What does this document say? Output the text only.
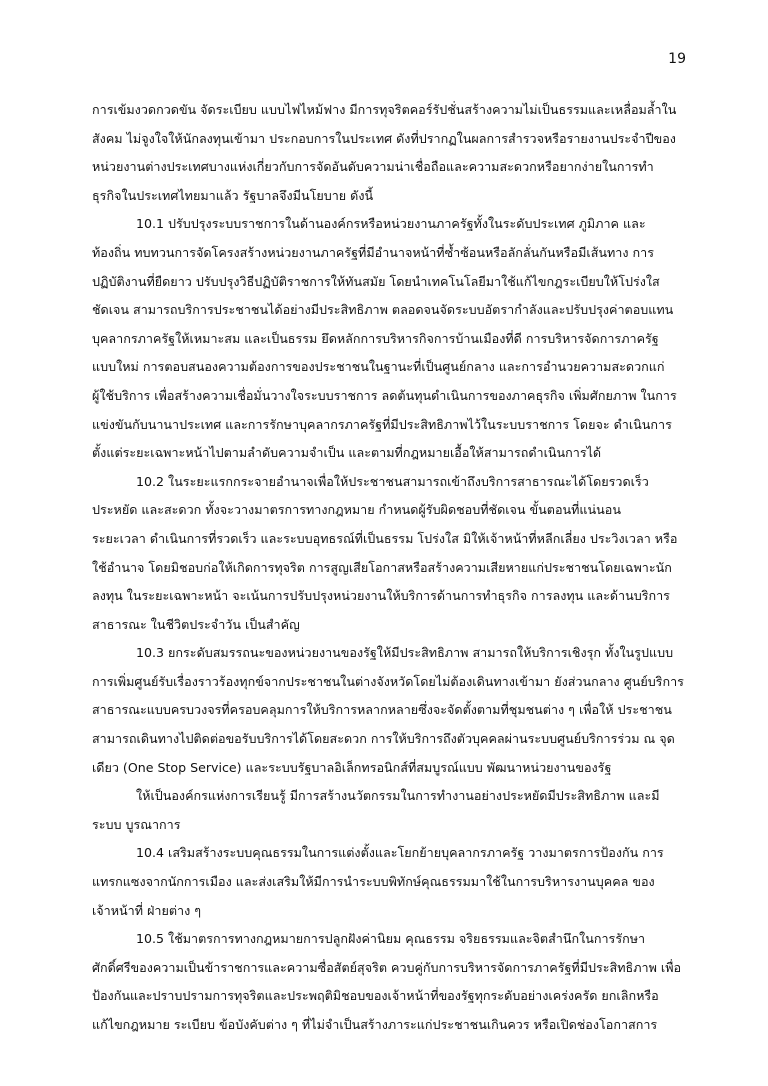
19
การเข้มงวดกวดขัน จัดระเบียบ แบบไฟไหม้ฟาง มีการทุจริตคอร์รัปชั่นสร้างความไม่เป็นธรรมและเหลื่อมล้ำใน
สังคม ไม่จูงใจให้นักลงทุนเข้ามา ประกอบการในประเทศ ดังที่ปรากฏในผลการสำรวจหรือรายงานประจำปีของ
หน่วยงานต่างประเทศบางแห่งเกี่ยวกับการจัดอันดับความน่าเชื่อถือและความสะดวกหรือยากง่ายในการทำ
ธุรกิจในประเทศไทยมาแล้ว รัฐบาลจึงมีนโยบาย ดังนี้
10.1 ปรับปรุงระบบราชการในด้านองค์กรหรือหน่วยงานภาครัฐทั้งในระดับประเทศ ภูมิภาค และ
ท้องถิ่น ทบทวนการจัดโครงสร้างหน่วยงานภาครัฐที่มีอำนาจหน้าที่ซ้ำซ้อนหรือลักลั่นกันหรือมีเส้นทาง การ
ปฏิบัติงานที่ยืดยาว ปรับปรุงวิธีปฏิบัติราชการให้ทันสมัย โดยนำเทคโนโลยีมาใช้แก้ไขกฎระเบียบให้โปร่งใส
ชัดเจน สามารถบริการประชาชนได้อย่างมีประสิทธิภาพ ตลอดจนจัดระบบอัตรากำลังและปรับปรุงค่าตอบแทน
บุคลากรภาครัฐให้เหมาะสม และเป็นธรรม ยึดหลักการบริหารกิจการบ้านเมืองที่ดี การบริหารจัดการภาครัฐ
แบบใหม่ การตอบสนองความต้องการของประชาชนในฐานะที่เป็นศูนย์กลาง และการอำนวยความสะดวกแก่
ผู้ใช้บริการ เพื่อสร้างความเชื่อมั่นวางใจระบบราชการ ลดต้นทุนดำเนินการของภาคธุรกิจ เพิ่มศักยภาพ ในการ
แข่งขันกับนานาประเทศ และการรักษาบุคลากรภาครัฐที่มีประสิทธิภาพไว้ในระบบราชการ โดยจะ ดำเนินการ
ตั้งแต่ระยะเฉพาะหน้าไปตามลำดับความจำเป็น และตามที่กฎหมายเอื้อให้สามารถดำเนินการได้
10.2 ในระยะแรกกระจายอำนาจเพื่อให้ประชาชนสามารถเข้าถึงบริการสาธารณะได้โดยรวดเร็ว
ประหยัด และสะดวก ทั้งจะวางมาตรการทางกฎหมาย กำหนดผู้รับผิดชอบที่ชัดเจน ขั้นตอนที่แน่นอน
ระยะเวลา ดำเนินการที่รวดเร็ว และระบบอุทธรณ์ที่เป็นธรรม โปร่งใส มิให้เจ้าหน้าที่หลีกเลี่ยง ประวิงเวลา หรือ
ใช้อำนาจ โดยมิชอบก่อให้เกิดการทุจริต การสูญเสียโอกาสหรือสร้างความเสียหายแก่ประชาชนโดยเฉพาะนัก
ลงทุน ในระยะเฉพาะหน้า จะเน้นการปรับปรุงหน่วยงานให้บริการด้านการทำธุรกิจ การลงทุน และด้านบริการ
สาธารณะ ในชีวิตประจำวัน เป็นสำคัญ
10.3 ยกระดับสมรรถนะของหน่วยงานของรัฐให้มีประสิทธิภาพ สามารถให้บริการเชิงรุก ทั้งในรูปแบบ
การเพิ่มศูนย์รับเรื่องราวร้องทุกข์จากประชาชนในต่างจังหวัดโดยไม่ต้องเดินทางเข้ามา ยังส่วนกลาง ศูนย์บริการ
สาธารณะแบบครบวงจรที่ครอบคลุมการให้บริการหลากหลายซึ่งจะจัดตั้งตามที่ชุมชนต่าง ๆ เพื่อให้ ประชาชน
สามารถเดินทางไปติดต่อขอรับบริการได้โดยสะดวก การให้บริการถึงตัวบุคคลผ่านระบบศูนย์บริการร่วม ณ จุด
เดียว (One Stop Service) และระบบรัฐบาลอิเล็กทรอนิกส์ที่สมบูรณ์แบบ พัฒนาหน่วยงานของรัฐ
ให้เป็นองค์กรแห่งการเรียนรู้ มีการสร้างนวัตกรรมในการทำงานอย่างประหยัดมีประสิทธิภาพ และมี
ระบบ บูรณาการ
10.4 เสริมสร้างระบบคุณธรรมในการแต่งตั้งและโยกย้ายบุคลากรภาครัฐ วางมาตรการป้องกัน การ
แทรกแซงจากนักการเมือง และส่งเสริมให้มีการนำระบบพิทักษ์คุณธรรมมาใช้ในการบริหารงานบุคคล ของ
เจ้าหน้าที่ ฝ่ายต่าง ๆ
10.5 ใช้มาตรการทางกฎหมายการปลูกฝังค่านิยม คุณธรรม จริยธรรมและจิตสำนึกในการรักษา
ศักดิ์ศรีของความเป็นข้าราชการและความซื่อสัตย์สุจริต ควบคู่กับการบริหารจัดการภาครัฐที่มีประสิทธิภาพ เพื่อ
ป้องกันและปราบปรามการทุจริตและประพฤติมิชอบของเจ้าหน้าที่ของรัฐทุกระดับอย่างเคร่งครัด ยกเลิกหรือ
แก้ไขกฎหมาย ระเบียบ ข้อบังคับต่าง ๆ ที่ไม่จำเป็นสร้างภาระแก่ประชาชนเกินควร หรือเปิดช่องโอกาสการ
